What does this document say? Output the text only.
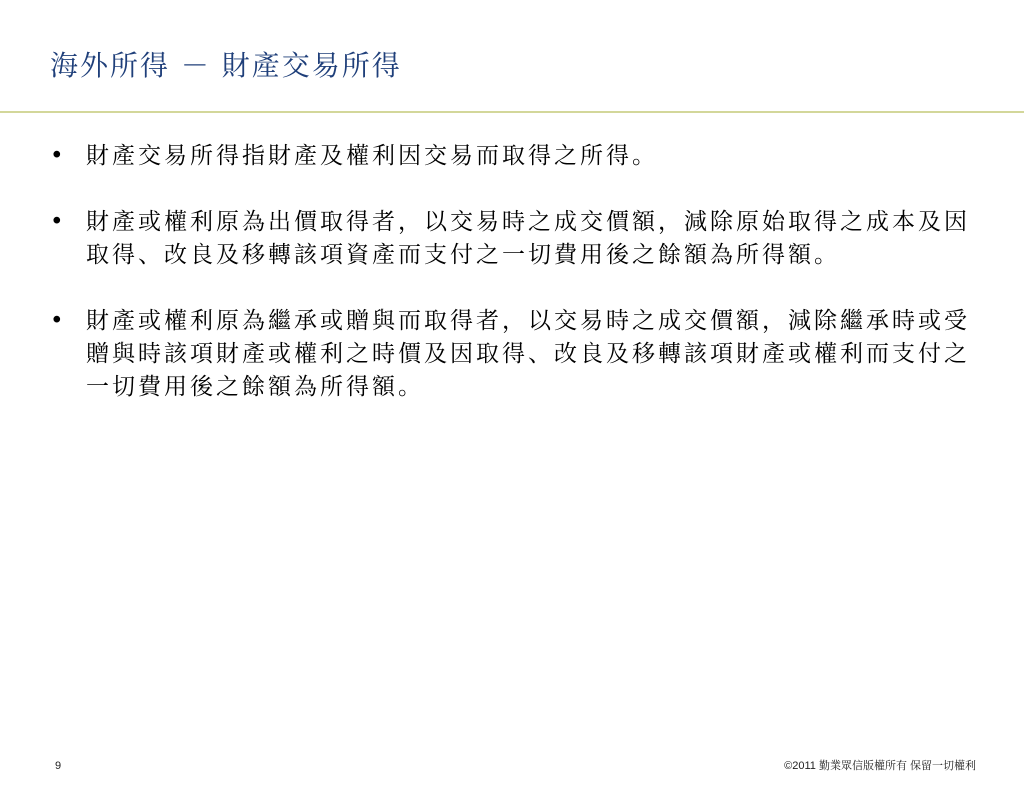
海外所得 － 財產交易所得
• 財產交易所得指財產及權利因交易而取得之所得。
• 財產或權利原為出價取得者，以交易時之成交價額，減除原始取得之成本及因取得、改良及移轉該項資產而支付之一切費用後之餘額為所得額。
• 財產或權利原為繼承或贈與而取得者，以交易時之成交價額，減除繼承時或受贈與時該項財產或權利之時價及因取得、改良及移轉該項財產或權利而支付之一切費用後之餘額為所得額。
9	©2011 勤業眾信版權所有 保留一切權利
